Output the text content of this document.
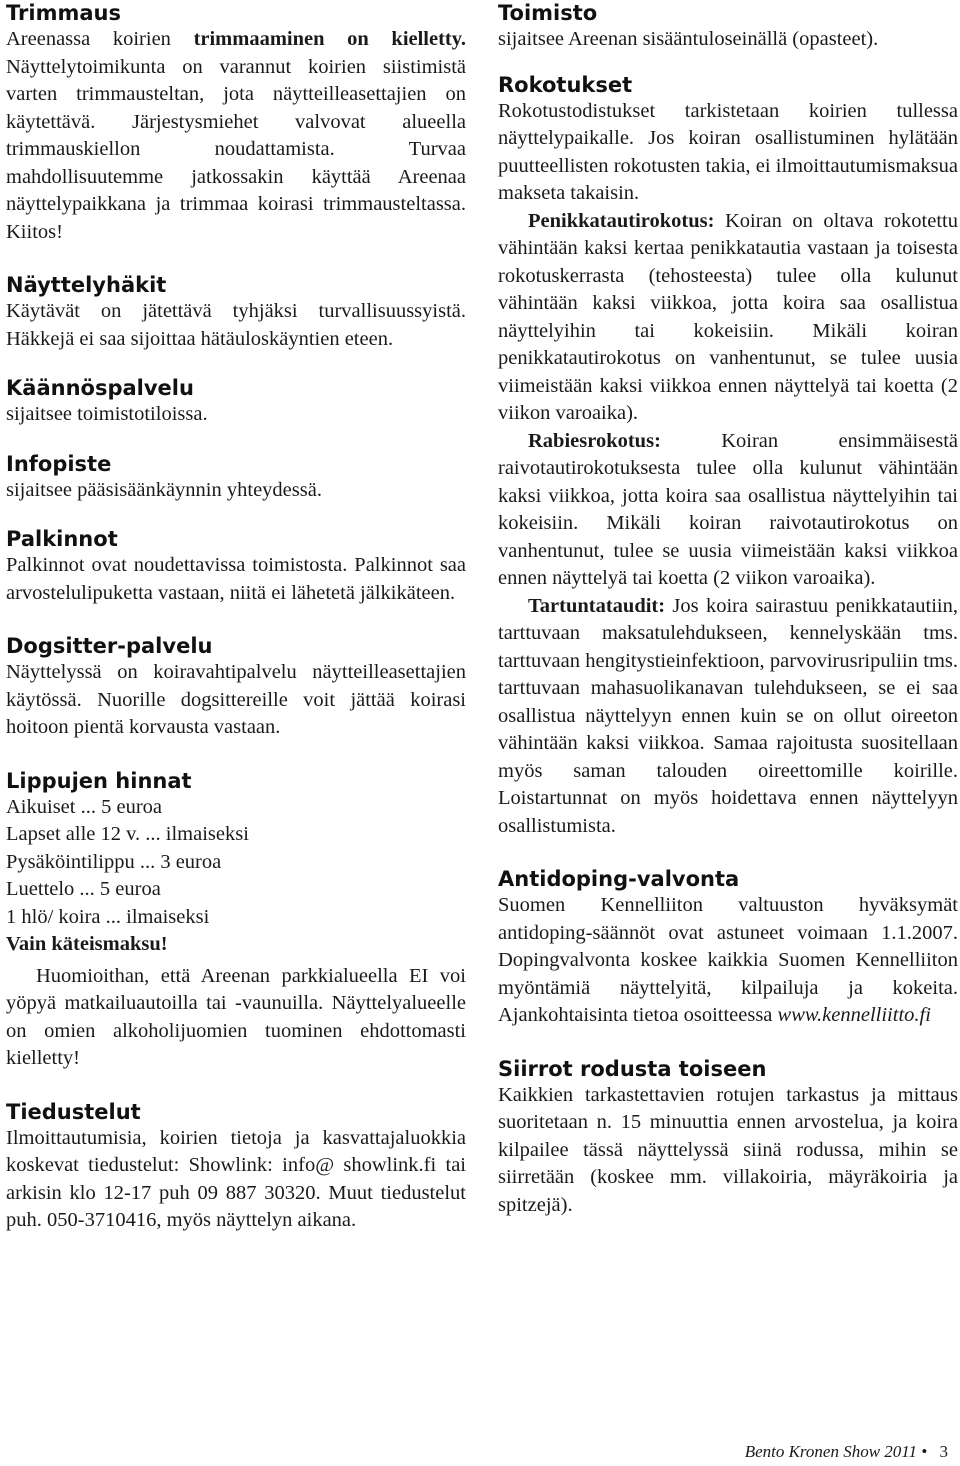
Trimmaus

Areenassa koirien trimmaaminen on kielletty. Näyttelytoimikunta on varannut koirien siistimistä varten trimmausteltan, jota näytteilleasettajien on käytettävä. Järjestysmiehet valvovat alueella trimmauskiellon noudattamista. Turvaa mahdollisuutemme jatkossakin käyttää Areenaa näyttelypaikkana ja trimmaa koirasi trimmausteltassa. Kiitos!

Näyttelyhäkit

Käytävät on jätettävä tyhjäksi turvallisuussyistä. Häkkejä ei saa sijoittaa hätäuloskäyntien eteen.

Käännöspalvelu

sijaitsee toimistotiloissa.

Infopiste

sijaitsee pääsisäänkäynnin yhteydessä.

Palkinnot

Palkinnot ovat noudettavissa toimistosta. Palkinnot saa arvostelulipuketta vastaan, niitä ei lähetetä jälkikäteen.

Dogsitter-palvelu

Näyttelyssä on koiravahtipalvelu näytteilleasettajien käytössä. Nuorille dogsittereille voit jättää koirasi hoitoon pientä korvausta vastaan.

Lippujen hinnat
Aikuiset ... 5 euroa
Lapset alle 12 v. ... ilmaiseksi
Pysäköintilippu ... 3 euroa
Luettelo ... 5 euroa
1 hlö/ koira ... ilmaiseksi
Vain käteismaksu!

Huomioithan, että Areenan parkkialueella EI voi yöpyä matkailuautoilla tai -vaunuilla. Näyttelyalueelle on omien alkoholijuomien tuominen ehdottomasti kielletty!

Tiedustelut

Ilmoittautumisia, koirien tietoja ja kasvattajaluokkia koskevat tiedustelut: Showlink: info@ showlink.fi tai arkisin klo 12-17 puh 09 887 30320. Muut tiedustelut puh. 050-3710416, myös näyttelyn aikana.

Toimisto

sijaitsee Areenan sisääntuloseinällä (opasteet).

Rokotukset

Rokotustodistukset tarkistetaan koirien tullessa näyttelypaikalle. Jos koiran osallistuminen hylätään puutteellisten rokotusten takia, ei ilmoittautumismaksua makseta takaisin.

Penikkatautirokotus: Koiran on oltava rokotettu vähintään kaksi kertaa penikkatautia vastaan ja toisesta rokotuskerrasta (tehosteesta) tulee olla kulunut vähintään kaksi viikkoa, jotta koira saa osallistua näyttelyihin tai kokeisiin. Mikäli koiran penikkatautirokotus on vanhentunut, se tulee uusia viimeistään kaksi viikkoa ennen näyttelyä tai koetta (2 viikon varoaika).

Rabiesrokotus: Koiran ensimmäisestä raivotautirokotuksesta tulee olla kulunut vähintään kaksi viikkoa, jotta koira saa osallistua näyttelyihin tai kokeisiin. Mikäli koiran raivotautirokotus on vanhentunut, tulee se uusia viimeistään kaksi viikkoa ennen näyttelyä tai koetta (2 viikon varoaika).

Tartuntataudit: Jos koira sairastuu penikkatautiin, tarttuvaan maksatulehdukseen, kennelyskään tms. tarttuvaan hengitystieinfektioon, parvovirusripuliin tms. tarttuvaan mahasuolikanavan tulehdukseen, se ei saa osallistua näyttelyyn ennen kuin se on ollut oireeton vähintään kaksi viikkoa. Samaa rajoitusta suositellaan myös saman talouden oireettomille koirille. Loistartunnat on myös hoidettava ennen näyttelyyn osallistumista.

Antidoping-valvonta

Suomen Kennelliiton valtuuston hyväksymät antidoping-säännöt ovat astuneet voimaan 1.1.2007. Dopingvalvonta koskee kaikkia Suomen Kennelliiton myöntämiä näyttelyitä, kilpailuja ja kokeita. Ajankohtaisinta tietoa osoitteessa www.kennelliitto.fi

Siirrot rodusta toiseen

Kaikkien tarkastettavien rotujen tarkastus ja mittaus suoritetaan n. 15 minuuttia ennen arvostelua, ja koira kilpailee tässä näyttelyssä siinä rodussa, mihin se siirretään (koskee mm. villakoiria, mäyräkoiria ja spitzejä).

Bento Kronen Show 2011 • 3
